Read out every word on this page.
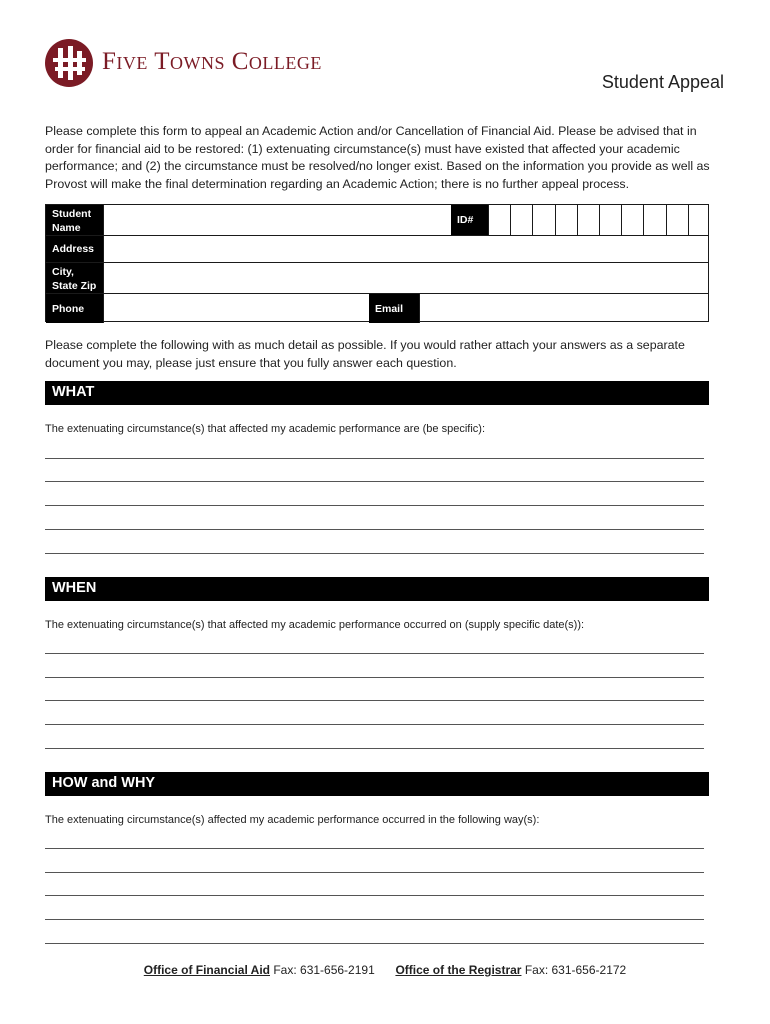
Five Towns College
Student Appeal

Please complete this form to appeal an Academic Action and/or Cancellation of Financial Aid. Please be advised that in order for financial aid to be restored: (1) extenuating circumstance(s) must have existed that affected your academic performance; and (2) the circumstance must be resolved/no longer exist. Based on the information you provide as well as Provost will make the final determination regarding an Academic Action; there is no further appeal process.

Student Name
ID#
Address
City, State Zip
Phone	Email

Please complete the following with as much detail as possible. If you would rather attach your answers as a separate document you may, please just ensure that you fully answer each question.

WHAT
The extenuating circumstance(s) that affected my academic performance are (be specific):
WHEN
The extenuating circumstance(s) that affected my academic performance occurred on (supply specific date(s)):
HOW and WHY
The extenuating circumstance(s) affected my academic performance occurred in the following way(s):
Office of Financial Aid Fax: 631-656-2191 Office of the Registrar Fax: 631-656-2172
